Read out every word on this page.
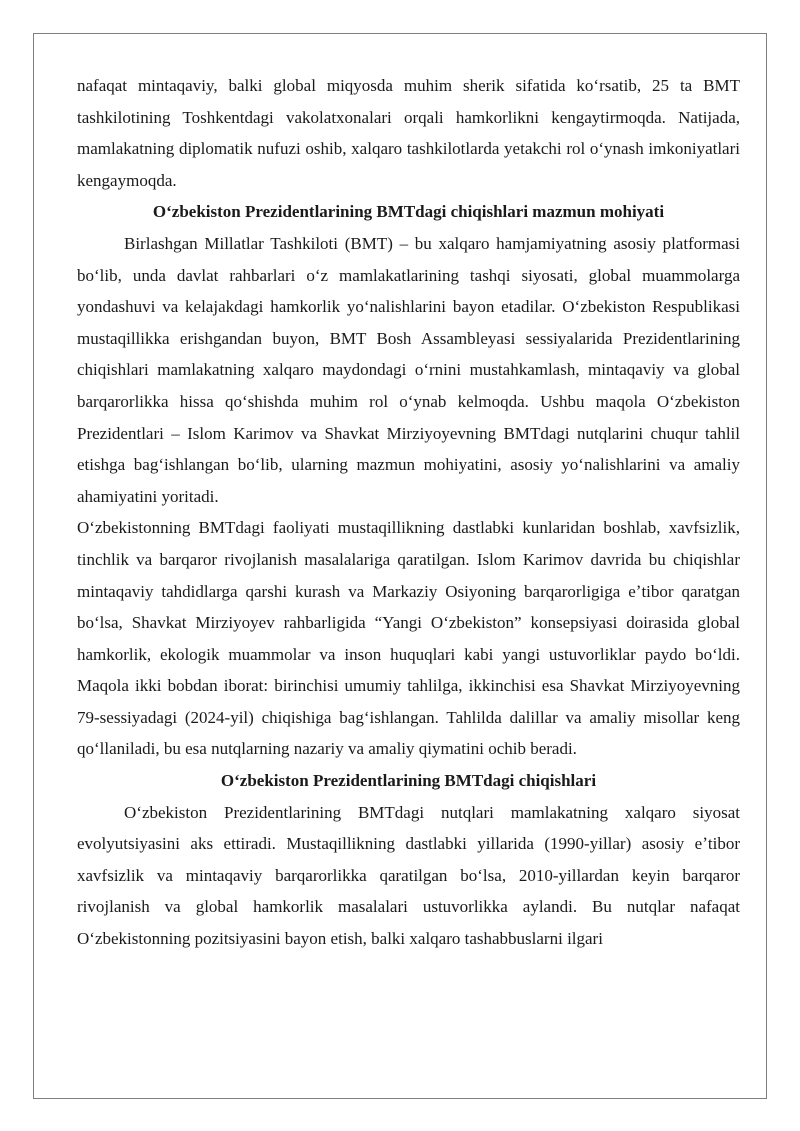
nafaqat mintaqaviy, balki global miqyosda muhim sherik sifatida koʻrsatib, 25 ta BMT tashkilotining Toshkentdagi vakolatxonalari orqali hamkorlikni kengaytirmoqda. Natijada, mamlakatning diplomatik nufuzi oshib, xalqaro tashkilotlarda yetakchi rol oʻynash imkoniyatlari kengaymoqda.

Oʻzbekiston Prezidentlarining BMTdagi chiqishlari mazmun mohiyati

Birlashgan Millatlar Tashkiloti (BMT) – bu xalqaro hamjamiyatning asosiy platformasi boʻlib, unda davlat rahbarlari oʻz mamlakatlarining tashqi siyosati, global muammolarga yondashuvi va kelajakdagi hamkorlik yoʻnalishlarini bayon etadilar. Oʻzbekiston Respublikasi mustaqillikka erishgandan buyon, BMT Bosh Assambleyasi sessiyalarida Prezidentlarining chiqishlari mamlakatning xalqaro maydondagi oʻrnini mustahkamlash, mintaqaviy va global barqarorlikka hissa qoʻshishda muhim rol oʻynab kelmoqda. Ushbu maqola Oʻzbekiston Prezidentlari – Islom Karimov va Shavkat Mirziyoyevning BMTdagi nutqlarini chuqur tahlil etishga bagʻishlangan boʻlib, ularning mazmun mohiyatini, asosiy yoʻnalishlarini va amaliy ahamiyatini yoritadi.

Oʻzbekistonning BMTdagi faoliyati mustaqillikning dastlabki kunlaridan boshlab, xavfsizlik, tinchlik va barqaror rivojlanish masalalariga qaratilgan. Islom Karimov davrida bu chiqishlar mintaqaviy tahdidlarga qarshi kurash va Markaziy Osiyoning barqarorligiga eʼtibor qaratgan boʻlsa, Shavkat Mirziyoyev rahbarligida “Yangi Oʻzbekiston” konsepsiyasi doirasida global hamkorlik, ekologik muammolar va inson huquqlari kabi yangi ustuvorliklar paydo boʻldi. Maqola ikki bobdan iborat: birinchisi umumiy tahlilga, ikkinchisi esa Shavkat Mirziyoyevning 79-sessiyadagi (2024-yil) chiqishiga bagʻishlangan. Tahlilda dalillar va amaliy misollar keng qoʻllaniladi, bu esa nutqlarning nazariy va amaliy qiymatini ochib beradi.

Oʻzbekiston Prezidentlarining BMTdagi chiqishlari

Oʻzbekiston Prezidentlarining BMTdagi nutqlari mamlakatning xalqaro siyosat evolyutsiyasini aks ettiradi. Mustaqillikning dastlabki yillarida (1990-yillar) asosiy eʼtibor xavfsizlik va mintaqaviy barqarorlikka qaratilgan boʻlsa, 2010-yillardan keyin barqaror rivojlanish va global hamkorlik masalalari ustuvorlikka aylandi. Bu nutqlar nafaqat Oʻzbekistonning pozitsiyasini bayon etish, balki xalqaro tashabbuslarni ilgari
